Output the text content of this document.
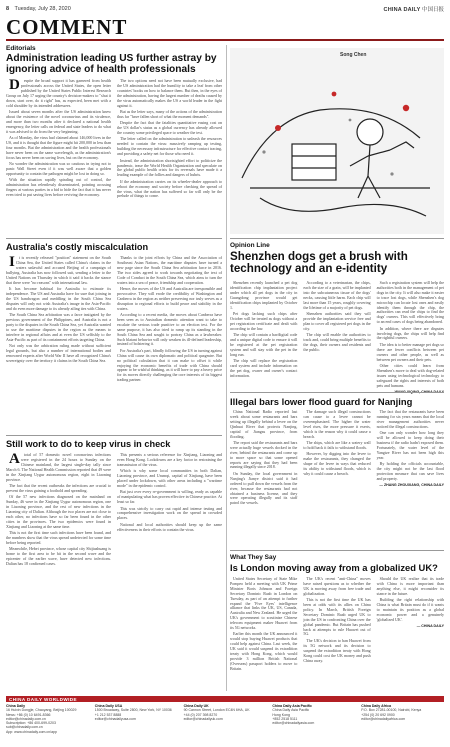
8 Tuesday, July 28, 2020	CHINA DAILY 中国日报
COMMENT
Editorials
Administration leading US further astray by ignoring advice of health professionals

Despite the broad support it has garnered from health professionals across the United States, the open letter published by the United States Public Interest Research Group on July 17 urging the country's decision-makers to "shut it down, start over, do it right" has, as expected, been met with a cold shoulder by its intended addressees.

Issued about seven months after the US administration knew about the existence of the novel coronavirus and its virulence, and more than two months after it declared a national health emergency, the letter calls on federal and state leaders to do what it was advised to do from the very beginning.

As of Monday, the virus had claimed about 146,000 lives in the US, and it is thought that the figure might hit 200,000 in less than four months. But the administration and the health professionals have never been on the same wavelength, as the administration's focus has never been on saving lives, but on the economy.

No wonder the administration was so cautious in trying not to panic Wall Street even if it was well aware that a golden opportunity to contain the pathogen might be lost in doing so.

With the situation rapidly spiraling out of control, the administration has relentlessly disseminated, pointing accusing fingers at various parties in a bid to hide the fact that it has never even tried to put saving lives before reviving the economy.

The two options need not have been mutually exclusive, had the US administration had the humility to take a leaf from other countries' books on how to balance them. But then, in the eyes of the administration, having the largest number of deaths caused by the virus automatically makes the US a world leader in the fight against it.

But as the letter says, many of the actions of the administration thus far "have fallen short of what the moment demands".

Despite the fact that the fatalities quantitative easing cost on the US dollar's status as a global currency has already allowed the country some privileged space to weather the test.

The letter called on the administration to unleash the resources needed to contain the virus: massively ramping up testing, building the necessary infrastructure for effective contact tracing, and providing a safety net for those who need it.

Instead, the administration shortsighted effort to politicize the pandemic, tease the World Health Organization and speculate on the global public health crisis for its reversals have made it a leading example of the follies and dangers of hubris.

If the administration carries on its wheeler-dealer approach to reboot the economy and society before checking the spread of the virus, what the nation has suffered so far will only be the prelude of things to come.

Song Chen
Australia's costly miscalculation

It is recently released "position" statement on the South China Sea, the United States called China's claims in the waters unlawful and accused Beijing of a campaign of bullying, Australia has now followed suit, sending a letter to the United Nations on Thursday in which it said it backs the stance that there were "no reasons" with international law.

It has become habitual for Australia to estimate its independence. The US and Australia have for sure that joining in the US bandwagon and meddling in the South China Sea disputes will only not wish Australia's image in the Asia-Pacific and do even more damage to its already ailing ties with China.

The South China Sea arbitration was a farce instigated by the previous government of the Philippines, and Australia is not a party to the disputes in the South China Sea, yet Australia wanted to use the maritime disputes in the region as the means to interfere in regional affairs and at even the US selfishly to the Asia-Pacific as part of its containment efforts targeting China.

Not only was the arbitration ruling made without sufficient legal grounds, but also a number of international bodies and renowned experts after World War II have all recognized China's sovereignty over the territory it claims in the South China Sea.

Thanks to the joint efforts by China and the Association of Southeast Asian Nations, the maritime disputes have turned a new page since the South China Sea arbitration farce in 2016. The two sides agreed to work towards negotiating the text of Code of Conduct in the South China Sea, which aims to turn the waters into a sea of peace, friendship and cooperation.

Hence, the moves of the US and Australia are irresponsible and provocative. They will erode the credibility of Washington and Canberra in the region as neither preserving nor truly serves as a disruption to regional efforts to build peace and stability in the waters.

According to a recent media, the moves about Canberra have been seen as to Australian domestic attention want to take to escalate the serious trade punitive to an election test. For the same purpose, it has also tried to ramp up its standing in the South China Sea and sought to portray China as a lawbreaker. Such blatant behavior will only weaken its ill-defined leadership, instead of bolstering it.

For Australia's part, blindly following the US in turning against China will cause its own diplomatic and political quagmire. But no political calculation that it can make to offset it while enjoying the economic benefits of trade with China should appear to be wishful thinking, as it will have to pay a heavy price for its moves directly challenging the core interests of its biggest trading partner.

Still work to do to keep virus in check

Atotal of 57 domestic novel coronavirus infections were registered in the 24 hours to Sunday on the Chinese mainland, the largest single-day tally since March 6. The National Health Commission reported that 49 were in the Xinjiang Uygur autonomous region, eight in Liaoning province.

The fact that the recent outbreaks the infections are crucial to prevent the virus gaining a foothold and spreading.

Of the 57 new infections diagnosed on the mainland on Sunday, 46 were in the Xinjiang Uygur autonomous region, one in Liaoning province, and the rest of new infections in the Liaoning city of Dalian. Although the two places are not close to each other, no infections have so far been found in the other cities in the provinces. The two epidemics were found in Xinjiang and Liaoning at the same time.

This is not the first time such infections have been found, and the numbers show that the virus spread undetected for some time before being reported.

Meanwhile, Hebei province, whose capital city Shijiazhuang is home to the first area to be hit in the second wave and the epicenter of the earlier wave, have detected new infections. Dalian has 18 confirmed cases.

This presents a serious reference for Xinjiang, Liaoning and even Hong Kong. Lockdowns are a key factor in restraining the transmission of the virus.

Which is why some local communities in both Dalian, Liaoning province, and Urumqi, capital of Xinjiang, have been placed under lockdown, with other areas including a "wartime mode" in the epidemic control.

But just over every re-government is willing, ready as capable of manipulating what has proven effective in Chinese practice. At least so far.

This was strictly to carry out rapid and intense testing and comprehensive investigation work on the spread in crowded places.

National and local authorities should keep up the same effectiveness in their efforts to contain the virus.

Opinion Line
Shenzhen dogs get a brush with technology and an e-identity

Shenzhen recently launched a pet dog identification chip implantation project under which all pet dogs in the city in Guangdong province would get identification chips implanted by October 1.

Pet dogs lacking such chips after October will be treated as dogs without a pet registration certificate and dealt with according to the law.

The chip will contain a bar/digital code and a unique digital code to ensure it will be registered at the pet registration system and will stay with the pet in the long run.

The chip will replace the registration card system and include information on the pet dog, owner and owner's contact information.

According to a veterinarian, the chips, each the size of a grain, will be implanted into the subcutaneous tissue of the dogs' necks, causing little harm. Each chip will last more than 15 years, roughly covering the lifetime of a majority of pet dogs.

Shenzhen authorities said they will provide the implantation service free and plan to cover all registered pet dogs in the city.

The chip will enable the authorities to track and, could bring multiple benefits to the dogs, their owners and residents and the public.

Such a registration system will help the authorities both in the management of pet dogs in the city. It will also make it easier to trace lost dogs, while Shenzhen's dog microchip can locate lost ones and easily identify them through the chip, the authorities can read the chips to find the dogs' owners. This will effectively bring to an end cases of dogs being abandoned.

In addition, where there are disputes involving dogs, the chips will help find the rightful owners.

The idea is to better manage pet dogs so there are fewer conflicts between pet owners and other people, as well as between pet owners and their pets.

Other cities could learn from Shenzhen's move to deal with dog-related issues using technological technology to safeguard the rights and interests of both pets and humans.

Illegal bars lower flood guard for Nanjing

China National Radio reported last week about some restaurants and bars setting up illegally behind a levee on the Qinhuai River that protects Nanjing, capital of Jiangsu province, from flooding.

The report said the restaurants and bars were actually huge vessels docked in the river, behind the restaurants and come up to more space so that some opened reports are saying that they had been running illegally since 2018.

On Sunday, the local government in Nanjing's Jianye district said it had ordered to pull down the vessels from the river, because the restaurants had not obtained a business license, and they were operating illegally and its staff patrol the vessels.

The damage such illegal constructions can cause to a levee cannot be overemphasized. The higher the water level rises, the more pressure it exerts, which is the reason why it could cause a breach.

The ships, which are like a watery wall to hold back it fails to withstand floods.

However, by digging into the levee to make the restaurants, they changed the shape of the levee in ways that reduced its ability to withstand floods, which is why it could cause a breach.

The fact that the restaurants have been running for six years means that the local river management authorities never noticed the illegal constructions.

One can only wonder how long they will be allowed to keep doing their business if the radio hadn't exposed them. Fortunately, the water level of the Yangtze River has not been high this year.

By holding the officials accountable, the city might not be the last flood protection measure that can save lives and property.

— ZHANG ZHOUXIANG, CHINA DAILY
What They Say
Is London moving away from a globalized UK?

United States Secretary of State Mike Pompeo held a meeting with UK Prime Minister Boris Johnson and Foreign Secretary Dominic Raab in London on Tuesday, as part of an attempt to further expand the 'Five Eyes' intelligence alliance that links the UK, US, Canada, Australia and New Zealand. He urged the UK's government to scrutinize Chinese telecom equipment maker Huawei from its 5G networks.

Earlier this month the UK announced it would stop buying Huawei products that could help against China. Last week, the UK said it would suspend its extradition treaty with Hong Kong, which would provide 3 million British National (Overseas) passport holders to move to Britain.

The UK's recent "anti-China" moves have raised questions as to whether the UK is moving away from free trade and globalization.

This is not the first time the UK has been at odds with its allies on China policy. In March, British Foreign Secretary Dominic Raab urged UK to join the US in confronting China over the global pandemic. But Britain has pushed back at attempts to rule Huawei out of 5G.

The UK's decision to ban Huawei from its 5G network and its decision to suspend the extradition treaty with Hong Kong could cost the UK money and push China away.

Should the UK realize that its trade with China is more important than anything else, it might reconsider its stance in the future.

Building the right relationship with China is what Britain must do if it wants to maintain its position as a global economic power and a genuinely 'globalized UK'.

— CHINA DAILY
CHINA DAILY WORLDWIDE
China Daily
16 Huixin Dongjie, Chaoyang, Beijing 100029
News: +86 (0) 10 6491-8366
editor@chinadaily.com.cn
Subscription: +86 400-699-0203
sub@chinadaily.com.cn
App: www.chinadaily.com.cn/app
China Daily USA
1500 Broadway, Suite 2800, New York, NY 10036
+1 212 537 8888
editor@chinadailyusa.com
China Daily UK
90 Cannon Street, London EC4N 6HA, UK
+44 (0) 207 398 8270
editor@chinadailyuk.com
China Daily Asia Pacific
China Daily Asia Pacific
Hong Kong
+852 2518 5111
editor@chinadailyasia.com
China Daily Africa
P.O. Box 27281-00100, Nairobi, Kenya
+254 (0) 20 692 0900
editor@chinadailyafrica.com
